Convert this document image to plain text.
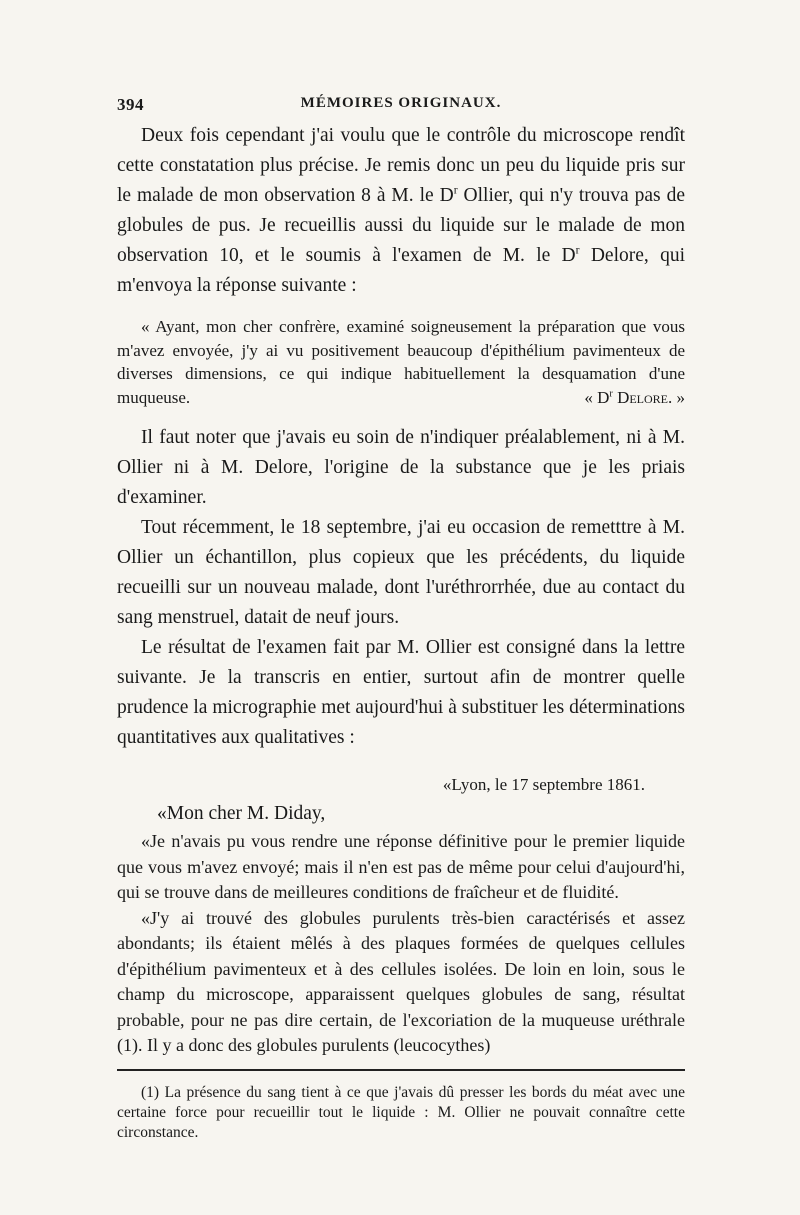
394	MÉMOIRES ORIGINAUX.

Deux fois cependant j'ai voulu que le contrôle du microscope rendît cette constatation plus précise. Je remis donc un peu du liquide pris sur le malade de mon observation 8 à M. le $D^r$ Ollier, qui n'y trouva pas de globules de pus. Je recueillis aussi du liquide sur le malade de mon observation 10, et le soumis à l'examen de M. le $D^r$ Delore, qui m'envoya la réponse suivante :

« Ayant, mon cher confrère, examiné soigneusement la préparation que vous m'avez envoyée, j'y ai vu positivement beaucoup d'épithélium pavimenteux de diverses dimensions, ce qui indique habituellement la desquamation d'une muqueuse.	« $D^r$ Delore. »

Il faut noter que j'avais eu soin de n'indiquer préalablement, ni à M. Ollier ni à M. Delore, l'origine de la substance que je les priais d'examiner.

Tout récemment, le 18 septembre, j'ai eu occasion de remetttre à M. Ollier un échantillon, plus copieux que les précédents, du liquide recueilli sur un nouveau malade, dont l'uréthrorrhée, due au contact du sang menstruel, datait de neuf jours.

Le résultat de l'examen fait par M. Ollier est consigné dans la lettre suivante. Je la transcris en entier, surtout afin de montrer quelle prudence la micrographie met aujourd'hui à substituer les déterminations quantitatives aux qualitatives :

«Lyon, le 17 septembre 1861.
«Mon cher M. Diday,

«Je n'avais pu vous rendre une réponse définitive pour le premier liquide que vous m'avez envoyé; mais il n'en est pas de même pour celui d'aujourd'hi, qui se trouve dans de meilleures conditions de fraîcheur et de fluidité.

«J'y ai trouvé des globules purulents très-bien caractérisés et assez abondants; ils étaient mêlés à des plaques formées de quelques cellules d'épithélium pavimenteux et à des cellules isolées. De loin en loin, sous le champ du microscope, apparaissent quelques globules de sang, résultat probable, pour ne pas dire certain, de l'excoriation de la muqueuse uréthrale (1). Il y a donc des globules purulents (leucocythes)

(1) La présence du sang tient à ce que j'avais dû presser les bords du méat avec une certaine force pour recueillir tout le liquide : M. Ollier ne pouvait connaître cette circonstance.
